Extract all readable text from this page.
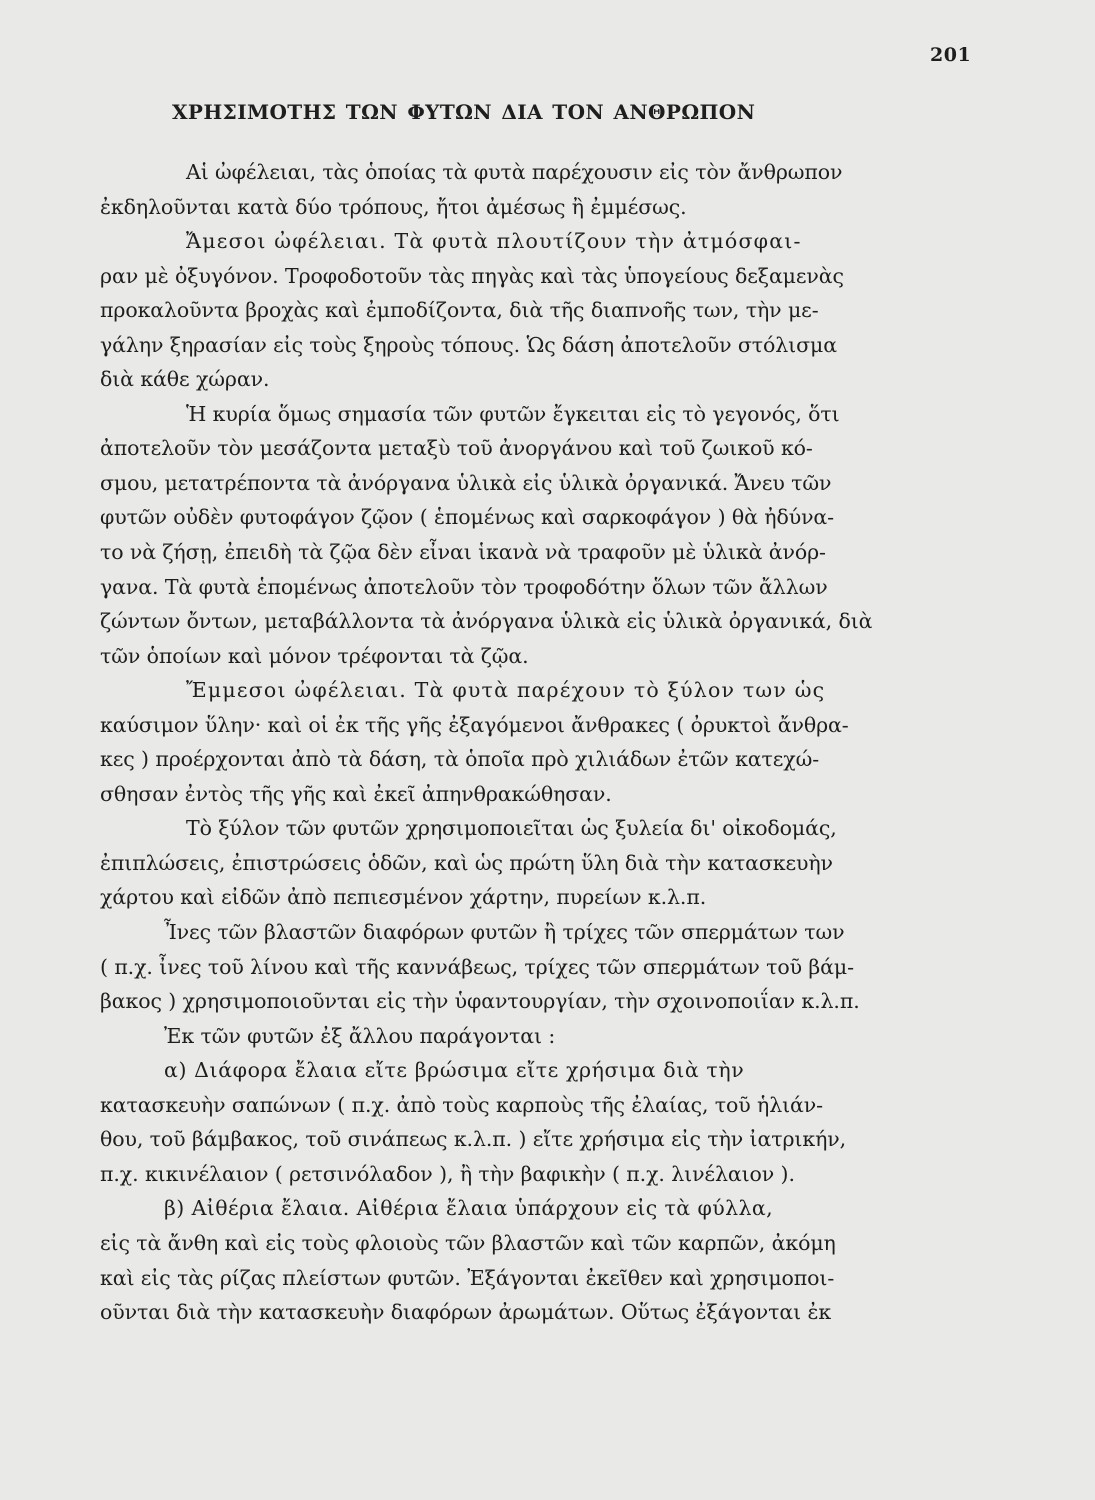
201
ΧΡΗΣΙΜΟΤΗΣ ΤΩΝ ΦΥΤΩΝ ΔΙΑ ΤΟΝ ΑΝΘΡΩΠΟΝ
Αἱ ὠφέλειαι, τὰς ὁποίας τὰ φυτὰ παρέχουσιν εἰς τὸν ἄνθρωπον
ἐκδηλοῦνται κατὰ δύο τρόπους, ἤτοι ἀμέσως ἢ ἐμμέσως.
Ἄμεσοι ὠφέλειαι. Τὰ φυτὰ πλουτίζουν τὴν ἀτμόσφαι-
ραν μὲ ὀξυγόνον. Τροφοδοτοῦν τὰς πηγὰς καὶ τὰς ὑπογείους δεξαμενὰς
προκαλοῦντα βροχὰς καὶ ἐμποδίζοντα, διὰ τῆς διαπνοῆς των, τὴν με-
γάλην ξηρασίαν εἰς τοὺς ξηροὺς τόπους. Ὡς δάση ἀποτελοῦν στόλισμα
διὰ κάθε χώραν.
Ἡ κυρία ὅμως σημασία τῶν φυτῶν ἔγκειται εἰς τὸ γεγονός, ὅτι
ἀποτελοῦν τὸν μεσάζοντα μεταξὺ τοῦ ἀνοργάνου καὶ τοῦ ζωικοῦ κό-
σμου, μετατρέποντα τὰ ἀνόργανα ὑλικὰ εἰς ὑλικὰ ὀργανικά. Ἄνευ τῶν
φυτῶν οὐδὲν φυτοφάγον ζῷον ( ἑπομένως καὶ σαρκοφάγον ) θὰ ἠδύνα-
το νὰ ζήσῃ, ἐπειδὴ τὰ ζῷα δὲν εἶναι ἱκανὰ νὰ τραφοῦν μὲ ὑλικὰ ἀνόρ-
γανα. Τὰ φυτὰ ἑπομένως ἀποτελοῦν τὸν τροφοδότην ὅλων τῶν ἄλλων
ζώντων ὄντων, μεταβάλλοντα τὰ ἀνόργανα ὑλικὰ εἰς ὑλικὰ ὀργανικά, διὰ
τῶν ὁποίων καὶ μόνον τρέφονται τὰ ζῷα.
Ἔμμεσοι ὠφέλειαι. Τὰ φυτὰ παρέχουν τὸ ξύλον των ὡς
καύσιμον ὕλην· καὶ οἱ ἐκ τῆς γῆς ἐξαγόμενοι ἄνθρακες ( ὀρυκτοὶ ἄνθρα-
κες ) προέρχονται ἀπὸ τὰ δάση, τὰ ὁποῖα πρὸ χιλιάδων ἐτῶν κατεχώ-
σθησαν ἐντὸς τῆς γῆς καὶ ἐκεῖ ἀπηνθρακώθησαν.
Τὸ ξύλον τῶν φυτῶν χρησιμοποιεῖται ὡς ξυλεία δι' οἰκοδομάς,
ἐπιπλώσεις, ἐπιστρώσεις ὁδῶν, καὶ ὡς πρώτη ὕλη διὰ τὴν κατασκευὴν
χάρτου καὶ εἰδῶν ἀπὸ πεπιεσμένον χάρτην, πυρείων κ.λ.π.
Ἶνες τῶν βλαστῶν διαφόρων φυτῶν ἢ τρίχες τῶν σπερμάτων των
( π.χ. ἶνες τοῦ λίνου καὶ τῆς καννάβεως, τρίχες τῶν σπερμάτων τοῦ βάμ-
βακος ) χρησιμοποιοῦνται εἰς τὴν ὑφαντουργίαν, τὴν σχοινοποιΐαν κ.λ.π.
Ἐκ τῶν φυτῶν ἐξ ἄλλου παράγονται :
α) Διάφορα ἔλαια εἴτε βρώσιμα εἴτε χρήσιμα διὰ τὴν
κατασκευὴν σαπώνων ( π.χ. ἀπὸ τοὺς καρποὺς τῆς ἐλαίας, τοῦ ἡλιάν-
θου, τοῦ βάμβακος, τοῦ σινάπεως κ.λ.π. ) εἴτε χρήσιμα εἰς τὴν ἰατρικήν,
π.χ. κικινέλαιον ( ρετσινόλαδον ), ἢ τὴν βαφικὴν ( π.χ. λινέλαιον ).
β) Αἰθέρια ἔλαια. Αἰθέρια ἔλαια ὑπάρχουν εἰς τὰ φύλλα,
εἰς τὰ ἄνθη καὶ εἰς τοὺς φλοιοὺς τῶν βλαστῶν καὶ τῶν καρπῶν, ἀκόμη
καὶ εἰς τὰς ρίζας πλείστων φυτῶν. Ἐξάγονται ἐκεῖθεν καὶ χρησιμοποι-
οῦνται διὰ τὴν κατασκευὴν διαφόρων ἀρωμάτων. Οὕτως ἐξάγονται ἐκ
